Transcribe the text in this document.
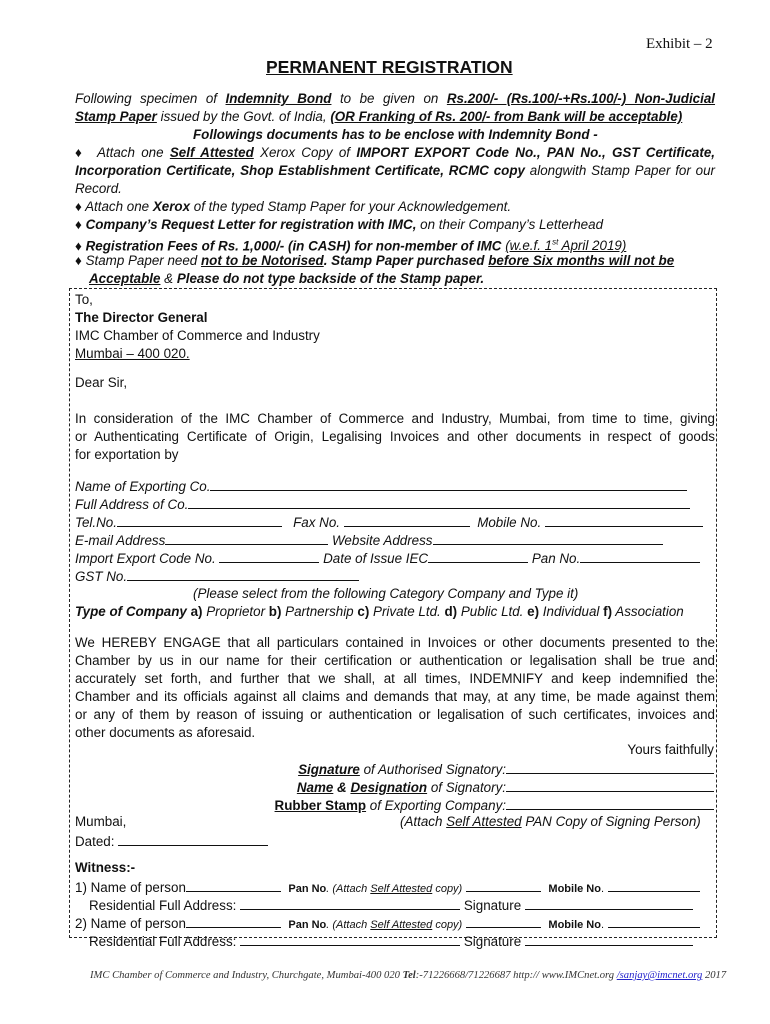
Exhibit – 2
PERMANENT REGISTRATION
Following specimen of Indemnity Bond to be given on Rs.200/- (Rs.100/-+Rs.100/-) Non-Judicial
Stamp Paper issued by the Govt. of India, (OR Franking of Rs. 200/- from Bank will be acceptable)
Followings documents has to be enclose with Indemnity Bond -
♦ Attach one Self Attested Xerox Copy of IMPORT EXPORT Code No., PAN No., GST Certificate,
Incorporation Certificate, Shop Establishment Certificate, RCMC copy alongwith Stamp Paper for our
Record.
♦ Attach one Xerox of the typed Stamp Paper for your Acknowledgement.
♦ Company’s Request Letter for registration with IMC, on their Company’s Letterhead
♦ Registration Fees of Rs. 1,000/- (in CASH) for non-member of IMC (w.e.f. 1st April 2019)
♦ Stamp Paper need not to be Notorised. Stamp Paper purchased before Six months will not be
Acceptable & Please do not type backside of the Stamp paper.
To,
The Director General
IMC Chamber of Commerce and Industry
Mumbai – 400 020.
Dear Sir,
In consideration of the IMC Chamber of Commerce and Industry, Mumbai, from time to time, giving
or Authenticating Certificate of Origin, Legalising Invoices and other documents in respect of goods
for exportation by
Name of Exporting Co.
Full Address of Co.
Tel.No.	Fax No.	Mobile No.
E-mail Address	Website Address
Import Export Code No.	Date of Issue IEC	Pan No.
GST No.
(Please select from the following Category Company and Type it)
Type of Company a) Proprietor b) Partnership c) Private Ltd. d) Public Ltd. e) Individual f) Association
We HEREBY ENGAGE that all particulars contained in Invoices or other documents presented to the
Chamber by us in our name for their certification or authentication or legalisation shall be true and
accurately set forth, and further that we shall, at all times, INDEMNIFY and keep indemnified the
Chamber and its officials against all claims and demands that may, at any time, be made against them
or any of them by reason of issuing or authentication or legalisation of such certificates, invoices and
other documents as aforesaid.
Yours faithfully
Signature of Authorised Signatory:
Name & Designation of Signatory:
Rubber Stamp of Exporting Company:
Mumbai,	(Attach Self Attested PAN Copy of Signing Person)
Dated:
Witness:-
1) Name of person	Pan No. (Attach Self Attested copy)	Mobile No.
Residential Full Address:	Signature
2) Name of person	Pan No. (Attach Self Attested copy)	Mobile No.
Residential Full Address:	Signature
IMC Chamber of Commerce and Industry, Churchgate, Mumbai-400 020 Tel:-71226668/71226687 http:// www.IMCnet.org /sanjay@imcnet.org 2017
